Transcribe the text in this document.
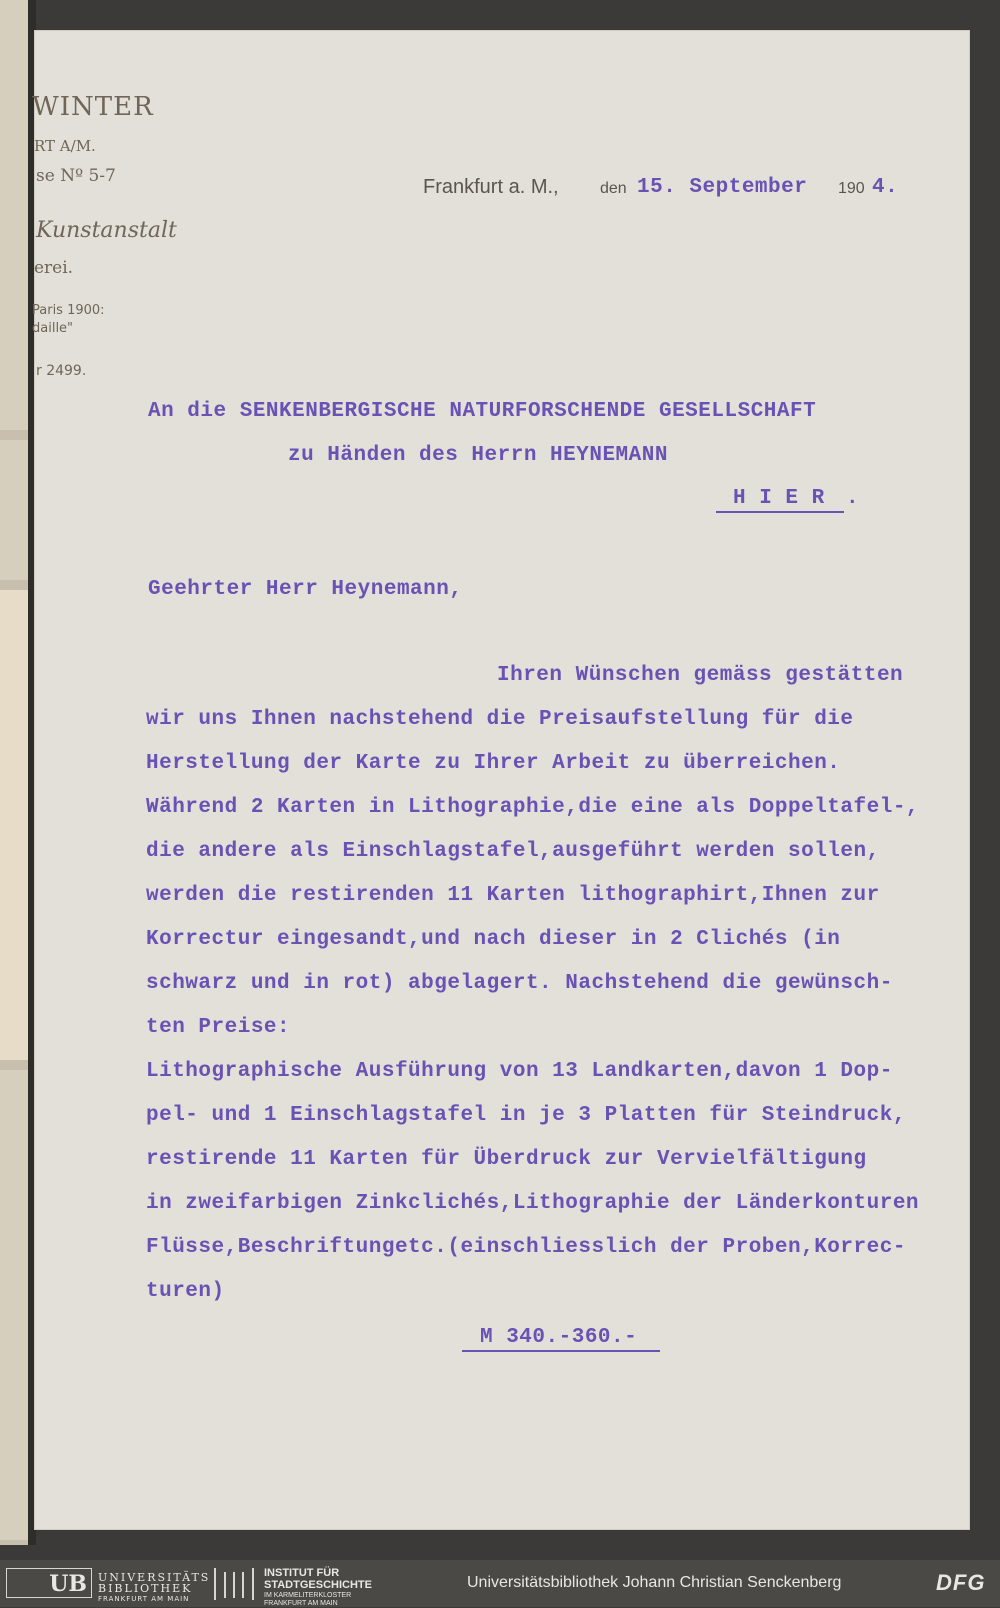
WINTER
RT A/M.
se Nº 5-7
Kunstanstalt
erei.
Paris 1900:
daille"
r 2499.
Frankfurt a. M.,	den 15. September 190 4.
An die SENKENBERGISCHE NATURFORSCHENDE GESELLSCHAFT
zu Händen des Herrn HEYNEMANN
H I E R .
Geehrter Herr Heynemann,
Ihren Wünschen gemäss gestätten
wir uns Ihnen nachstehend die Preisaufstellung für die
Herstellung der Karte zu Ihrer Arbeit zu überreichen.
Während 2 Karten in Lithographie,die eine als Doppeltafel-,
die andere als Einschlagstafel,ausgeführt werden sollen,
werden die restirenden 11 Karten lithographirt,Ihnen zur
Korrectur eingesandt,und nach dieser in 2 Clichés (in
schwarz und in rot) abgelagert. Nachstehend die gewünsch-
ten Preise:
Lithographische Ausführung von 13 Landkarten,davon 1 Dop-
pel- und 1 Einschlagstafel in je 3 Platten für Steindruck,
restirende 11 Karten für Überdruck zur Vervielfältigung
in zweifarbigen Zinkclichés,Lithographie der Länderkonturen
Flüsse,Beschriftungetc.(einschliesslich der Proben,Korrec-
turen)
M 340.-360.-
UB	UNIVERSITÄTS
BIBLIOTHEK
FRANKFURT AM MAIN
INSTITUT FÜR
STADTGESCHICHTE
IM KARMELITERKLOSTER
FRANKFURT AM MAIN
Universitätsbibliothek Johann Christian Senckenberg	DFG
